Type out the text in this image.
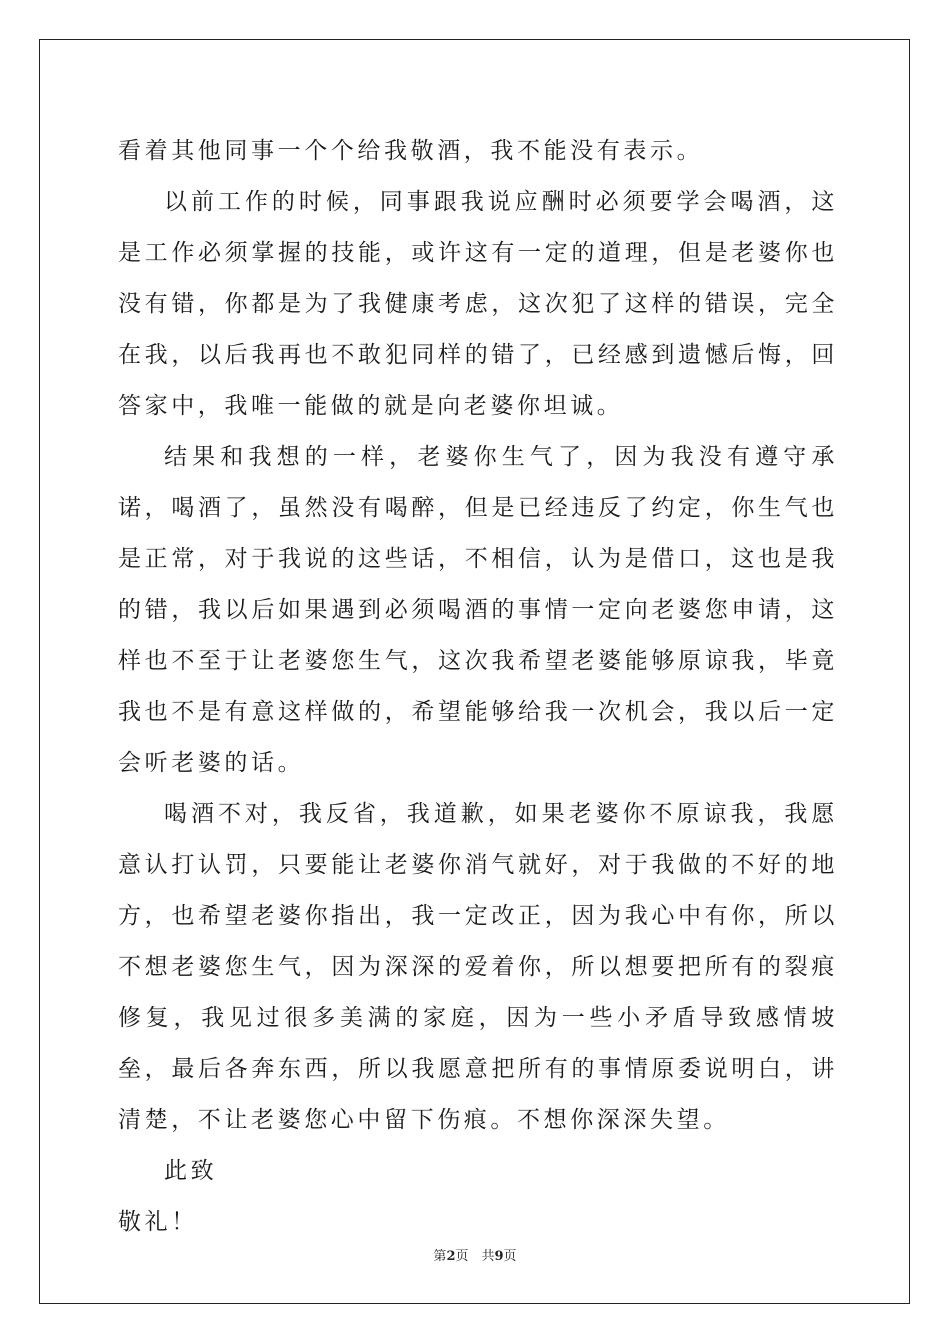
看着其他同事一个个给我敬酒，我不能没有表示。

以前工作的时候，同事跟我说应酬时必须要学会喝酒，这是工作必须掌握的技能，或许这有一定的道理，但是老婆你也没有错，你都是为了我健康考虑，这次犯了这样的错误，完全在我，以后我再也不敢犯同样的错了，已经感到遗憾后悔，回答家中，我唯一能做的就是向老婆你坦诚。

结果和我想的一样，老婆你生气了，因为我没有遵守承诺，喝酒了，虽然没有喝醉，但是已经违反了约定，你生气也是正常，对于我说的这些话，不相信，认为是借口，这也是我的错，我以后如果遇到必须喝酒的事情一定向老婆您申请，这样也不至于让老婆您生气，这次我希望老婆能够原谅我，毕竟我也不是有意这样做的，希望能够给我一次机会，我以后一定会听老婆的话。

喝酒不对，我反省，我道歉，如果老婆你不原谅我，我愿意认打认罚，只要能让老婆你消气就好，对于我做的不好的地方，也希望老婆你指出，我一定改正，因为我心中有你，所以不想老婆您生气，因为深深的爱着你，所以想要把所有的裂痕修复，我见过很多美满的家庭，因为一些小矛盾导致感情坡垒，最后各奔东西，所以我愿意把所有的事情原委说明白，讲清楚，不让老婆您心中留下伤痕。不想你深深失望。

此致

敬礼！

第2页　共9页
